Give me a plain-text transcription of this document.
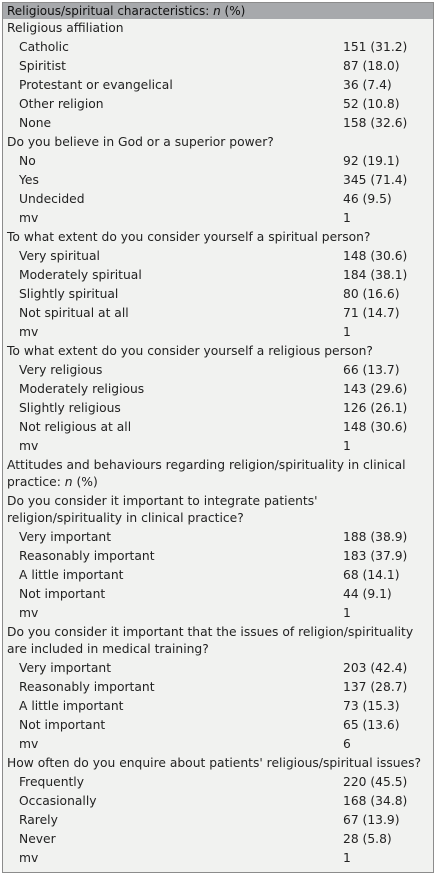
Religious/spiritual characteristics: n (%)
Religious affiliation
Catholic	151 (31.2)
Spiritist	87 (18.0)
Protestant or evangelical	36 (7.4)
Other religion	52 (10.8)
None	158 (32.6)
Do you believe in God or a superior power?
No	92 (19.1)
Yes	345 (71.4)
Undecided	46 (9.5)
mv	1
To what extent do you consider yourself a spiritual person?
Very spiritual	148 (30.6)
Moderately spiritual	184 (38.1)
Slightly spiritual	80 (16.6)
Not spiritual at all	71 (14.7)
mv	1
To what extent do you consider yourself a religious person?
Very religious	66 (13.7)
Moderately religious	143 (29.6)
Slightly religious	126 (26.1)
Not religious at all	148 (30.6)
mv	1
Attitudes and behaviours regarding religion/spirituality in clinical practice: n (%)
Do you consider it important to integrate patients' religion/spirituality in clinical practice?
Very important	188 (38.9)
Reasonably important	183 (37.9)
A little important	68 (14.1)
Not important	44 (9.1)
mv	1
Do you consider it important that the issues of religion/spirituality are included in medical training?
Very important	203 (42.4)
Reasonably important	137 (28.7)
A little important	73 (15.3)
Not important	65 (13.6)
mv	6
How often do you enquire about patients' religious/spiritual issues?
Frequently	220 (45.5)
Occasionally	168 (34.8)
Rarely	67 (13.9)
Never	28 (5.8)
mv	1
